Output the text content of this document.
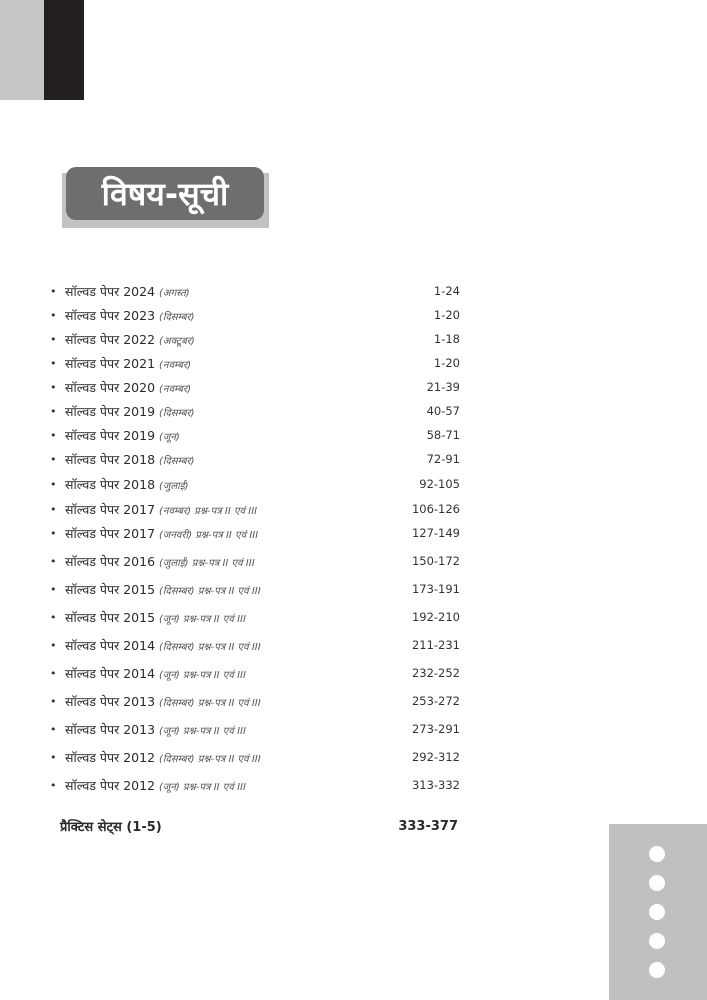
विषय-सूची
• सॉल्वड पेपर 2024 (अगस्त)	1-24
• सॉल्वड पेपर 2023 (दिसम्बर)	1-20
• सॉल्वड पेपर 2022 (अक्टूबर)	1-18
• सॉल्वड पेपर 2021 (नवम्बर)	1-20
• सॉल्वड पेपर 2020 (नवम्बर)	21-39
• सॉल्वड पेपर 2019 (दिसम्बर)	40-57
• सॉल्वड पेपर 2019 (जून)	58-71
• सॉल्वड पेपर 2018 (दिसम्बर)	72-91
• सॉल्वड पेपर 2018 (जुलाई)	92-105
• सॉल्वड पेपर 2017 (नवम्बर) प्रश्न-पत्र II एवं III	106-126
• सॉल्वड पेपर 2017 (जनवरी) प्रश्न-पत्र II एवं III	127-149
• सॉल्वड पेपर 2016 (जुलाई) प्रश्न-पत्र II एवं III	150-172
• सॉल्वड पेपर 2015 (दिसम्बर) प्रश्न-पत्र II एवं III	173-191
• सॉल्वड पेपर 2015 (जून) प्रश्न-पत्र II एवं III	192-210
• सॉल्वड पेपर 2014 (दिसम्बर) प्रश्न-पत्र II एवं III	211-231
• सॉल्वड पेपर 2014 (जून) प्रश्न-पत्र II एवं III	232-252
• सॉल्वड पेपर 2013 (दिसम्बर) प्रश्न-पत्र II एवं III	253-272
• सॉल्वड पेपर 2013 (जून) प्रश्न-पत्र II एवं III	273-291
• सॉल्वड पेपर 2012 (दिसम्बर) प्रश्न-पत्र II एवं III	292-312
• सॉल्वड पेपर 2012 (जून) प्रश्न-पत्र II एवं III	313-332
प्रैक्टिस सेट्स (1-5)	333-377
